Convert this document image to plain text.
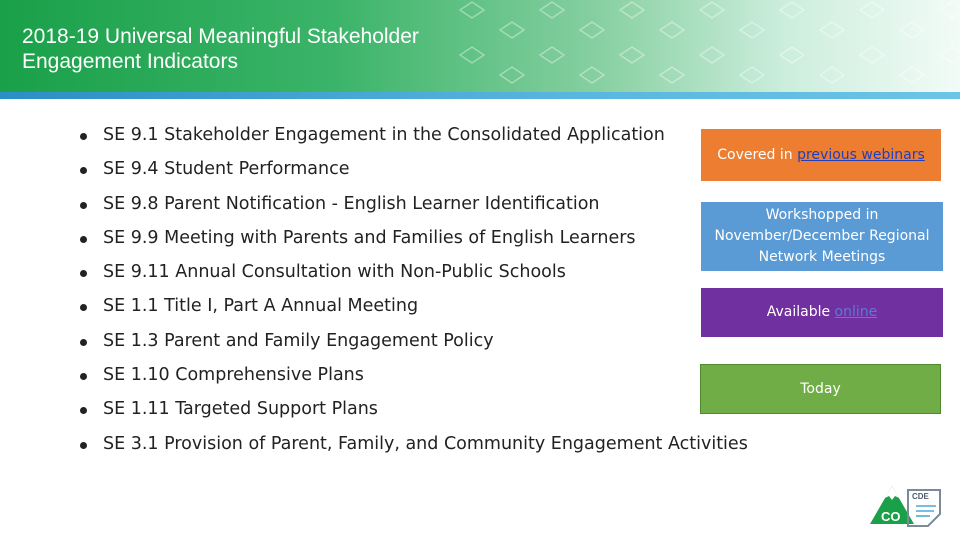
2018-19 Universal Meaningful Stakeholder
Engagement Indicators
SE 9.1 Stakeholder Engagement in the Consolidated Application
SE 9.4 Student Performance
SE 9.8 Parent Notification - English Learner Identification
SE 9.9 Meeting with Parents and Families of English Learners
SE 9.11 Annual Consultation with Non-Public Schools
SE 1.1 Title I, Part A Annual Meeting
SE 1.3 Parent and Family Engagement Policy
SE 1.10 Comprehensive Plans
SE 1.11 Targeted Support Plans
SE 3.1 Provision of Parent, Family, and Community Engagement Activities
Covered in previous webinars
Workshopped in November/December Regional Network Meetings
Available online
Today
CO
CDE
